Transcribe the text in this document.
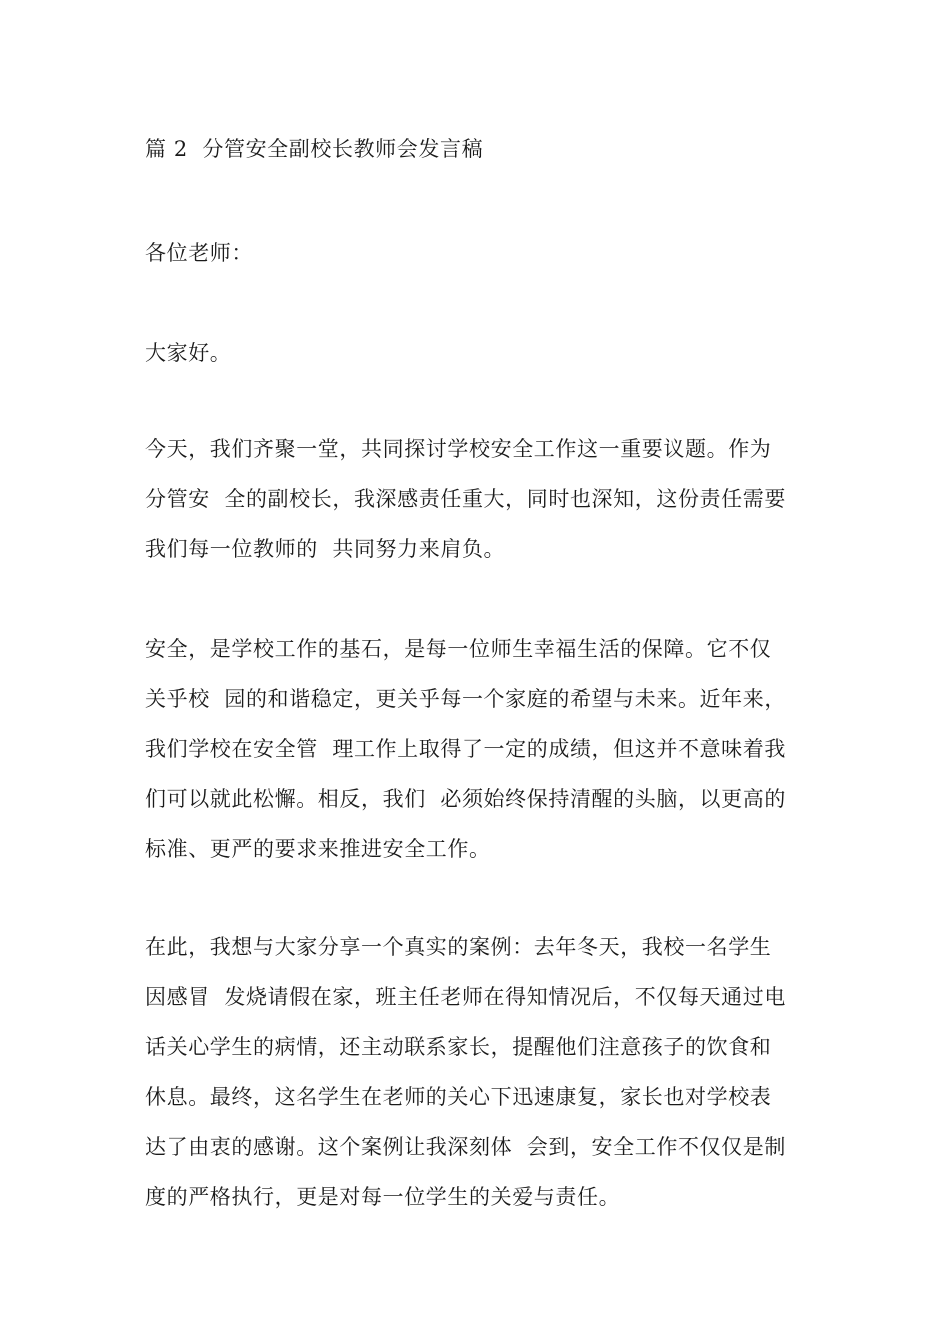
篇 2  分管安全副校长教师会发言稿
各位老师：
大家好。
今天，我们齐聚一堂，共同探讨学校安全工作这一重要议题。作为
分管安  全的副校长，我深感责任重大，同时也深知，这份责任需要
我们每一位教师的  共同努力来肩负。
安全，是学校工作的基石，是每一位师生幸福生活的保障。它不仅
关乎校  园的和谐稳定，更关乎每一个家庭的希望与未来。近年来，
我们学校在安全管  理工作上取得了一定的成绩，但这并不意味着我
们可以就此松懈。相反，我们  必须始终保持清醒的头脑，以更高的
标准、更严的要求来推进安全工作。
在此，我想与大家分享一个真实的案例：去年冬天，我校一名学生
因感冒  发烧请假在家，班主任老师在得知情况后，不仅每天通过电
话关心学生的病情，还主动联系家长，提醒他们注意孩子的饮食和
休息。最终，这名学生在老师的关心下迅速康复，家长也对学校表
达了由衷的感谢。这个案例让我深刻体  会到，安全工作不仅仅是制
度的严格执行，更是对每一位学生的关爱与责任。
